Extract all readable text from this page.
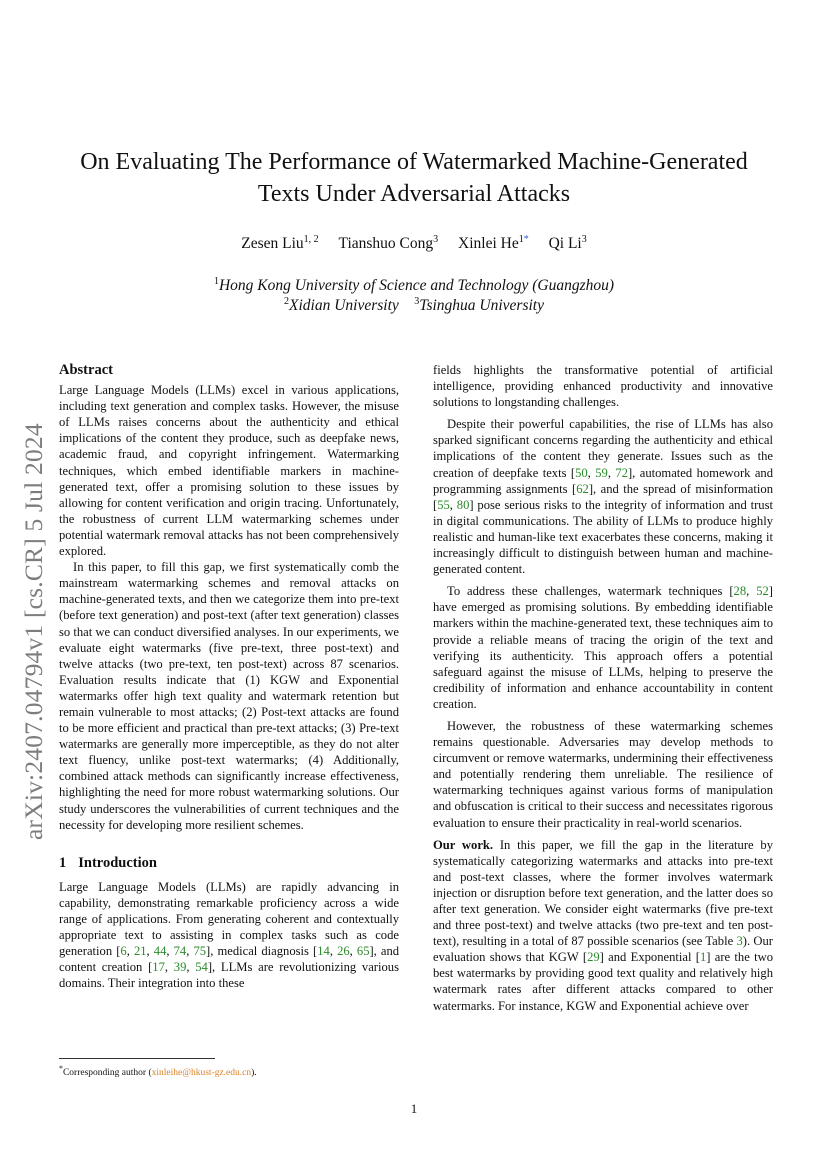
arXiv:2407.04794v1 [cs.CR] 5 Jul 2024
On Evaluating The Performance of Watermarked Machine-Generated
Texts Under Adversarial Attacks
Zesen Liu$^{1, 2}$ Tianshuo Cong$^3$ Xinlei $He^{1*}$ Qi Li$^3$
$^1$Hong Kong University of Science and Technology (Guangzhou)
$^2$Xidian University $^3$Tsinghua University
Abstract

Large Language Models (LLMs) excel in various applications, including text generation and complex tasks. However, the misuse of LLMs raises concerns about the authenticity and ethical implications of the content they produce, such as deepfake news, academic fraud, and copyright infringement. Watermarking techniques, which embed identifiable markers in machine-generated text, offer a promising solution to these issues by allowing for content verification and origin tracing. Unfortunately, the robustness of current LLM watermarking schemes under potential watermark removal attacks has not been comprehensively explored.

In this paper, to fill this gap, we first systematically comb the mainstream watermarking schemes and removal attacks on machine-generated texts, and then we categorize them into pre-text (before text generation) and post-text (after text generation) classes so that we can conduct diversified analyses. In our experiments, we evaluate eight watermarks (five pre-text, three post-text) and twelve attacks (two pre-text, ten post-text) across 87 scenarios. Evaluation results indicate that (1) KGW and Exponential watermarks offer high text quality and watermark retention but remain vulnerable to most attacks; (2) Post-text attacks are found to be more efficient and practical than pre-text attacks; (3) Pre-text watermarks are generally more imperceptible, as they do not alter text fluency, unlike post-text watermarks; (4) Additionally, combined attack methods can significantly increase effectiveness, highlighting the need for more robust watermarking solutions. Our study underscores the vulnerabilities of current techniques and the necessity for developing more resilient schemes.

1 Introduction

Large Language Models (LLMs) are rapidly advancing in capability, demonstrating remarkable proficiency across a wide range of applications. From generating coherent and contextually appropriate text to assisting in complex tasks such as code generation [6, 21, 44, 74, 75], medical diagnosis [14, 26, 65], and content creation [17, 39, 54], LLMs are revolutionizing various domains. Their integration into these

fields highlights the transformative potential of artificial intelligence, providing enhanced productivity and innovative solutions to longstanding challenges.

Despite their powerful capabilities, the rise of LLMs has also sparked significant concerns regarding the authenticity and ethical implications of the content they generate. Issues such as the creation of deepfake texts [50, 59, 72], automated homework and programming assignments [62], and the spread of misinformation [55, 80] pose serious risks to the integrity of information and trust in digital communications. The ability of LLMs to produce highly realistic and human-like text exacerbates these concerns, making it increasingly difficult to distinguish between human and machine-generated content.

To address these challenges, watermark techniques [28, 52] have emerged as promising solutions. By embedding identifiable markers within the machine-generated text, these techniques aim to provide a reliable means of tracing the origin of the text and verifying its authenticity. This approach offers a potential safeguard against the misuse of LLMs, helping to preserve the credibility of information and enhance accountability in content creation.

However, the robustness of these watermarking schemes remains questionable. Adversaries may develop methods to circumvent or remove watermarks, undermining their effectiveness and potentially rendering them unreliable. The resilience of watermarking techniques against various forms of manipulation and obfuscation is critical to their success and necessitates rigorous evaluation to ensure their practicality in real-world scenarios.

Our work. In this paper, we fill the gap in the literature by systematically categorizing watermarks and attacks into pre-text and post-text classes, where the former involves watermark injection or disruption before text generation, and the latter does so after text generation. We consider eight watermarks (five pre-text and three post-text) and twelve attacks (two pre-text and ten post-text), resulting in a total of 87 possible scenarios (see Table 3). Our evaluation shows that KGW [29] and Exponential [1] are the two best watermarks by providing good text quality and relatively high watermark rates after different attacks compared to other watermarks. For instance, KGW and Exponential achieve over

*Corresponding author (xinleihe@hkust-gz.edu.cn).
1
